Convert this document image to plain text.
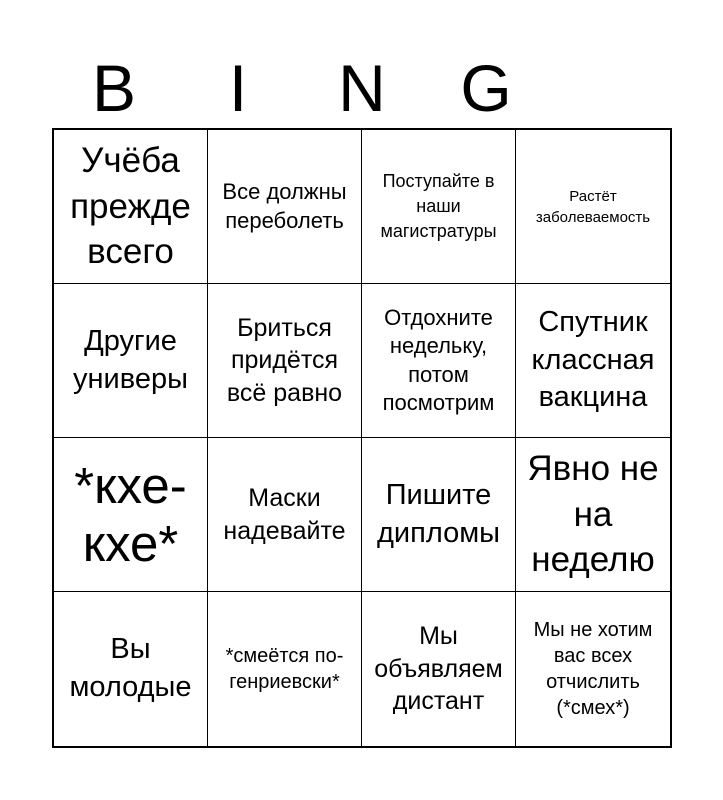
B	I	N	G
Учёба прежде всего
Все должны переболеть
Поступайте в наши магистратуры
Растёт заболеваемость
Другие универы
Бриться придётся всё равно
Отдохните недельку, потом посмотрим
Спутник классная вакцина
*кхе-кхе*
Маски надевайте
Пишите дипломы
Явно не на неделю
Вы молодые
*смеётся по-генриевски*
Мы объявляем дистант
Мы не хотим вас всех отчислить (*смех*)
